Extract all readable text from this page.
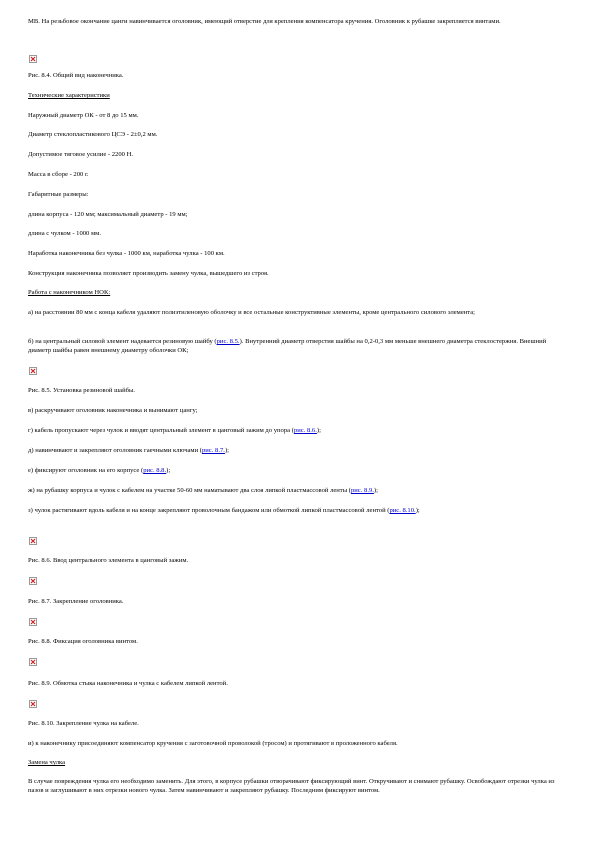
МВ. На резьбовое окончание цанги навинчивается оголовник, имеющий отверстие для крепления компенсатора кручения. Оголовник к рубашке закрепляется винтами.
Рис. 8.4. Общий вид наконечника.
Технические характеристики
Наружный диаметр ОК - от 8 до 15 мм.
Диаметр стеклопластикового ЦСЭ - 2±0,2 мм.
Допустимое тяговое усилие - 2200 Н.
Масса в сборе - 200 г.
Габаритные размеры:
длина корпуса - 120 мм; максимальный диаметр - 19 мм;
длина с чулком - 1000 мм.
Наработка наконечника без чулка - 1000 км, наработка чулка - 100 км.
Конструкция наконечника позволяет производить замену чулка, вышедшего из строя.
Работа с наконечником НОК:
а) на расстоянии 80 мм с конца кабеля удаляют полиэтиленовую оболочку и все остальные конструктивные элементы, кроме центрального силового элемента;
б) на центральный силовой элемент надевается резиновую шайбу (рис. 8.5.). Внутренний диаметр отверстия шайбы на 0,2-0,3 мм меньше внешнего диаметра стеклостержня. Внешний диаметр шайбы равен внешнему диаметру оболочки ОК;
Рис. 8.5. Установка резиновой шайбы.
в) раскручивают оголовник наконечника и вынимают цангу;
г) кабель пропускают через чулок и вводят центральный элемент в цанговый зажим до упора (рис. 8.6.);
д) навинчивают и закрепляют оголовник гаечными ключами (рис. 8.7.);
е) фиксируют оголовник на его корпусе (рис. 8.8.);
ж) на рубашку корпуса и чулок с кабелем на участке 50-60 мм наматывают два слоя липкой пластмассовой ленты (рис. 8.9.);
з) чулок растягивают вдоль кабеля и на конце закрепляют проволочным бандажом или обмоткой липкой пластмассовой лентой (рис. 8.10.);
Рис. 8.6. Ввод центрального элемента в цанговый зажим.
Рис. 8.7. Закрепление оголовника.
Рис. 8.8. Фиксация оголовника винтом.
Рис. 8.9. Обмотка стыка наконечника и чулка с кабелем липкой лентой.
Рис. 8.10. Закрепление чулка на кабеле.
и) к наконечнику присоединяют компенсатор кручения с заготовочной проволокой (тросом) и протягивают в проложенного кабеля.
Замена чулка
В случае повреждения чулка его необходимо заменить. Для этого, в корпусе рубашки отворачивают фиксирующий винт. Откручивают и снимают рубашку. Освобождают отрезки чулка из пазов и заглушивают в них отрезки нового чулка. Затем навинчивают и закрепляют рубашку. Последним фиксируют винтом.
